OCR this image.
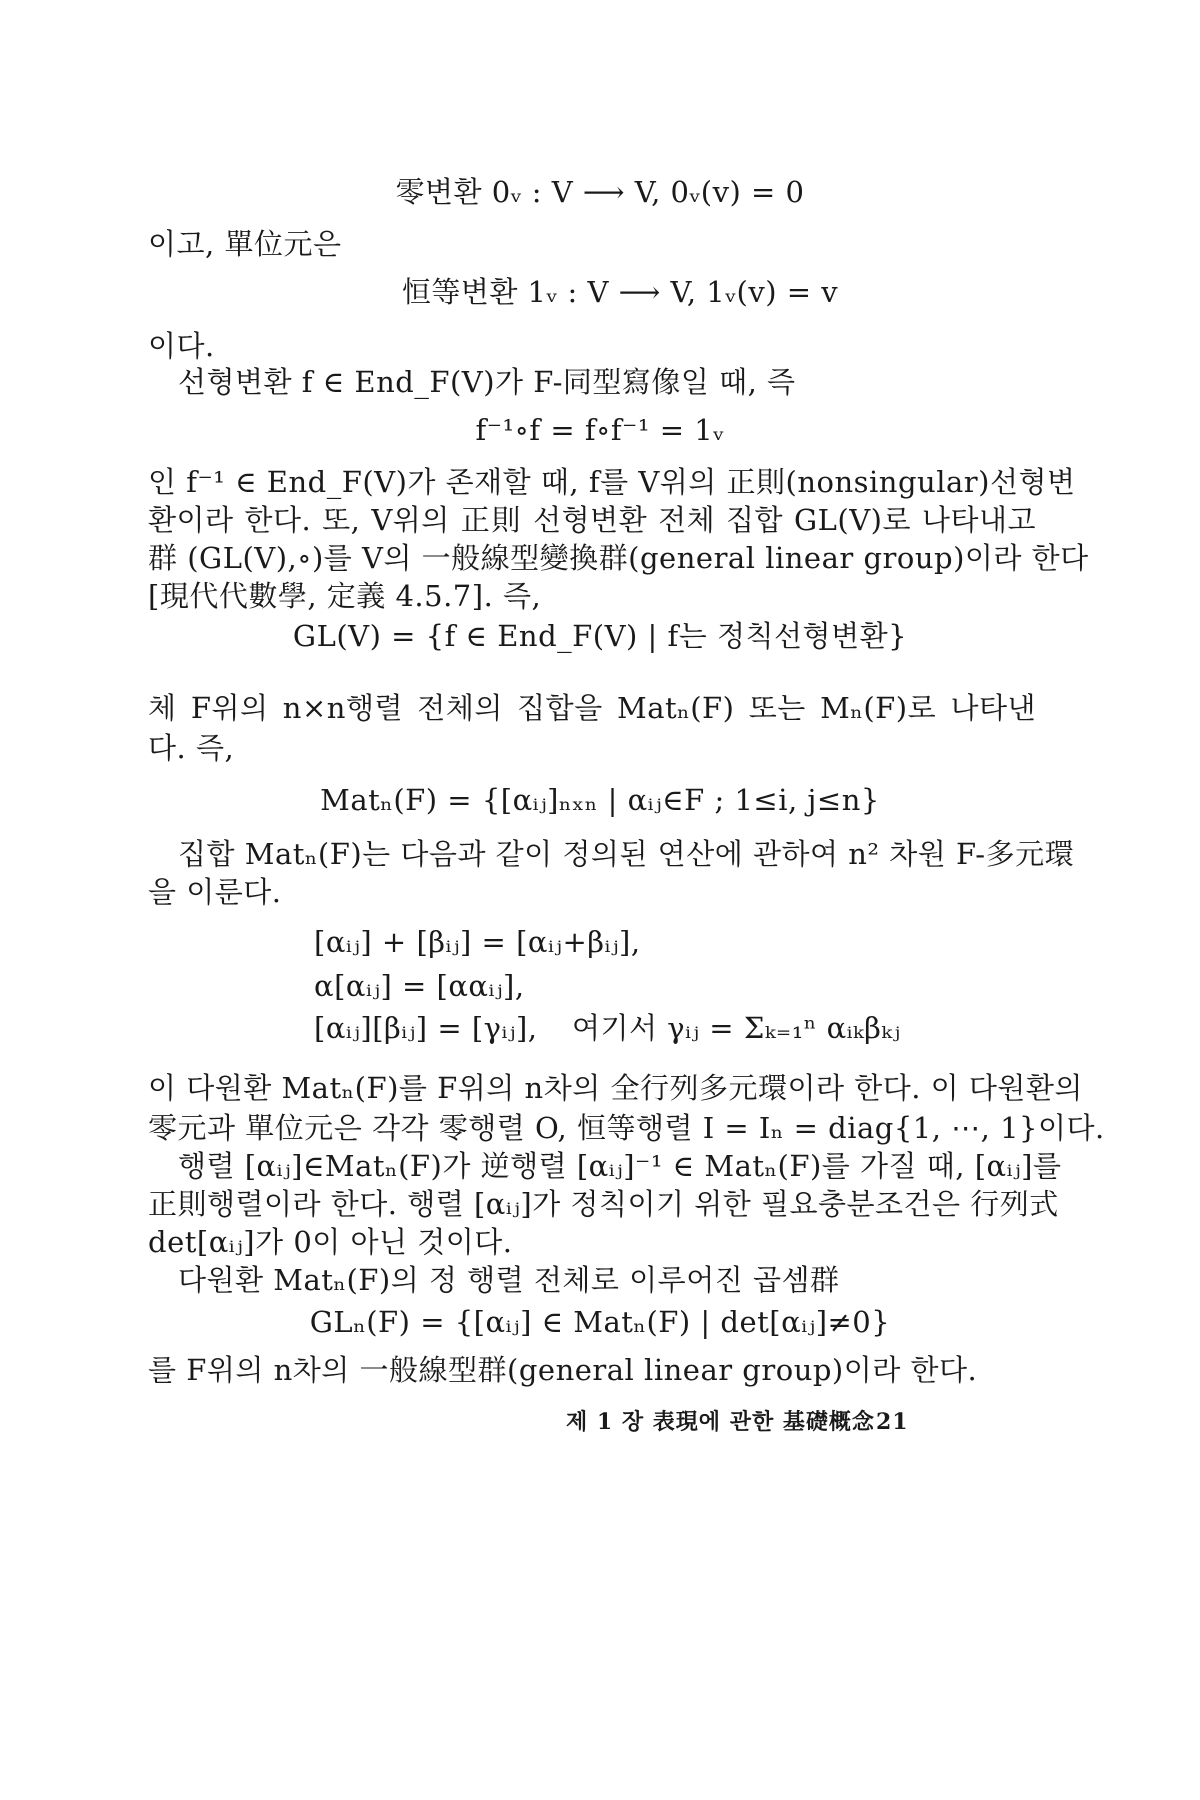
零변환 0ᵥ : V ⟶ V, 0ᵥ(v) = 0
이고, 單位元은
恒等변환 1ᵥ : V ⟶ V, 1ᵥ(v) = v
이다.
선형변환 f ∈ End_F(V)가 F-同型寫像일 때, 즉
f⁻¹∘f = f∘f⁻¹ = 1ᵥ
인 f⁻¹ ∈ End_F(V)가 존재할 때, f를 V위의 正則(nonsingular)선형변
환이라 한다. 또, V위의 正則 선형변환 전체 집합 GL(V)로 나타내고
群 (GL(V),∘)를 V의 一般線型變換群(general linear group)이라 한다
[現代代數學, 定義 4.5.7]. 즉,
GL(V) = {f ∈ End_F(V) | f는 정칙선형변환}
체 F위의 n×n행렬 전체의 집합을 Matₙ(F) 또는 Mₙ(F)로 나타낸
다. 즉,
Matₙ(F) = {[αᵢⱼ]ₙₓₙ | αᵢⱼ∈F ; 1≤i, j≤n}
집합 Matₙ(F)는 다음과 같이 정의된 연산에 관하여 n² 차원 F-多元環
을 이룬다.
[αᵢⱼ] + [βᵢⱼ] = [αᵢⱼ+βᵢⱼ],
α[αᵢⱼ] = [ααᵢⱼ],
[αᵢⱼ][βᵢⱼ] = [γᵢⱼ], 여기서 γᵢⱼ = Σₖ₌₁ⁿ αᵢₖβₖⱼ
이 다원환 Matₙ(F)를 F위의 n차의 全行列多元環이라 한다. 이 다원환의
零元과 單位元은 각각 零행렬 O, 恒等행렬 I = Iₙ = diag{1, ⋯, 1}이다.
행렬 [αᵢⱼ]∈Matₙ(F)가 逆행렬 [αᵢⱼ]⁻¹ ∈ Matₙ(F)를 가질 때, [αᵢⱼ]를
正則행렬이라 한다. 행렬 [αᵢⱼ]가 정칙이기 위한 필요충분조건은 行列式
det[αᵢⱼ]가 0이 아닌 것이다.
다원환 Matₙ(F)의 정 행렬 전체로 이루어진 곱셈群
GLₙ(F) = {[αᵢⱼ] ∈ Matₙ(F) | det[αᵢⱼ]≠0}
를 F위의 n차의 一般線型群(general linear group)이라 한다.
제 1 장 表現에 관한 基礎概念 21
